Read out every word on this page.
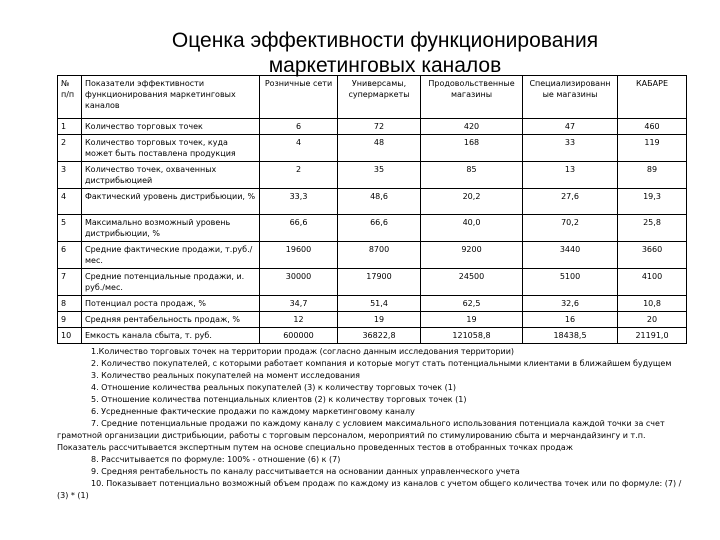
Оценка эффективности функционирования
маркетинговых каналов
№ п/п	Показатели эффективности функционирования маркетинговых каналов	Розничные сети	Универсамы, супермаркеты	Продовольственные магазины	Специализированн ые магазины	КАБАРЕ
1	Количество торговых точек	6	72	420	47	460
2	Количество торговых точек, куда может быть поставлена продукция	4	48	168	33	119
3	Количество точек, охваченных дистрибьюцией	2	35	85	13	89
4	Фактический уровень дистрибьюции, %	33,3	48,6	20,2	27,6	19,3
5	Максимально возможный уровень дистрибьюции, %	66,6	66,6	40,0	70,2	25,8
6	Средние фактические продажи, т.руб./мес.	19600	8700	9200	3440	3660
7	Средние потенциальные продажи, и. руб./мес.	30000	17900	24500	5100	4100
8	Потенциал роста продаж, %	34,7	51,4	62,5	32,6	10,8
9	Средняя рентабельность продаж, %	12	19	19	16	20
10	Емкость канала сбыта, т. руб.	600000	36822,8	121058,8	18438,5	21191,0

1.Количество торговых точек на территории продаж (согласно данным исследования территории)

2. Количество покупателей, с которыми работает компания и которые могут стать потенциальными клиентами в ближайшем будущем

3. Количество реальных покупателей на момент исследования

4. Отношение количества реальных покупателей (3) к количеству торговых точек (1)

5. Отношение количества потенциальных клиентов (2) к количеству торговых точек (1)

6. Усредненные фактические продажи по каждому маркетинговому каналу

7. Средние потенциальные продажи по каждому каналу с условием максимального использования потенциала каждой точки за счет грамотной организации дистрибьюции, работы с торговым персоналом, мероприятий по стимулированию сбыта и мерчандайзингу и т.п. Показатель рассчитывается экспертным путем на основе специально проведенных тестов в отобранных точках продаж

8. Рассчитывается по формуле: 100% - отношение (6) к (7)

9. Средняя рентабельность по каналу рассчитывается на основании данных управленческого учета

10. Показывает потенциально возможный объем продаж по каждому из каналов с учетом общего количества точек или по формуле: (7) / (3) * (1)
